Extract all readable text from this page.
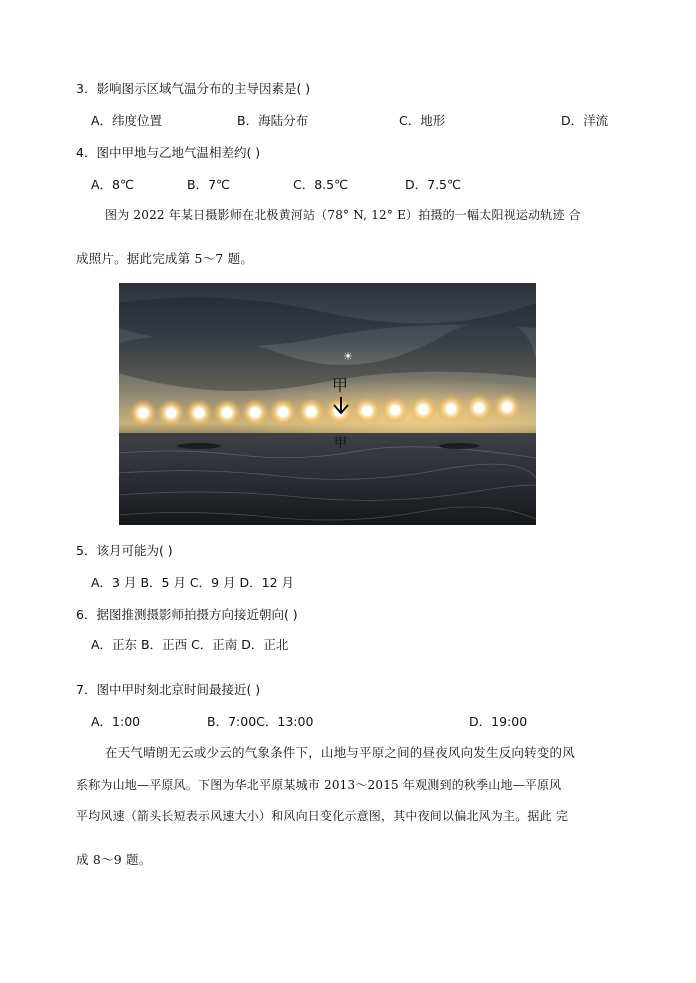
3．影响图示区域气温分布的主导因素是( )
A．纬度位置	B．海陆分布	C．地形	D．洋流
4．图中甲地与乙地气温相差约( )
A．8℃	B．7℃	C．8.5℃	D．7.5℃
图为 2022 年某日摄影师在北极黄河站（78° N, 12° E）拍摄的一幅太阳视运动轨迹 合
成照片。据此完成第 5～7 题。
☀
甲
甲
5．该月可能为( )
A．3 月 B．5 月 C．9 月 D．12 月
6．据图推测摄影师拍摄方向接近朝向( )
A．正东 B．正西 C．正南 D．正北
7．图中甲时刻北京时间最接近( )
A．1:00	B．7:00C．13:00	D．19:00
在天气晴朗无云或少云的气象条件下，山地与平原之间的昼夜风向发生反向转变的风
系称为山地—平原风。下图为华北平原某城市 2013～2015 年观测到的秋季山地—平原风
平均风速（箭头长短表示风速大小）和风向日变化示意图，其中夜间以偏北风为主。据此 完
成 8～9 题。
